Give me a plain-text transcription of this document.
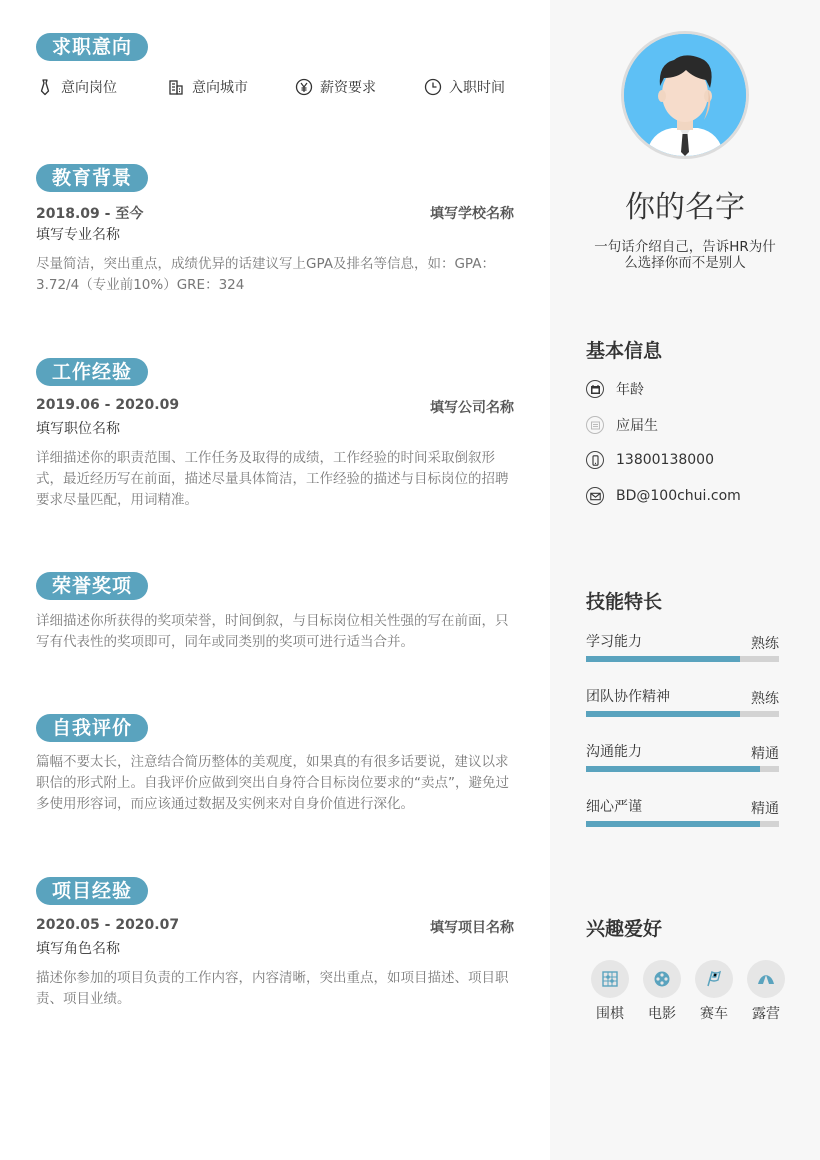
求职意向
意向岗位	意向城市	薪资要求	入职时间
教育背景
2018.09 - 至今	填写学校名称
填写专业名称

尽量简洁，突出重点，成绩优异的话建议写上GPA及排名等信息，如：GPA：3.72/4（专业前10%）GRE：324

工作经验
2019.06 - 2020.09	填写公司名称
填写职位名称

详细描述你的职责范围、工作任务及取得的成绩，工作经验的时间采取倒叙形式，最近经历写在前面，描述尽量具体简洁，工作经验的描述与目标岗位的招聘要求尽量匹配，用词精准。

荣誉奖项

详细描述你所获得的奖项荣誉，时间倒叙，与目标岗位相关性强的写在前面，只写有代表性的奖项即可，同年或同类别的奖项可进行适当合并。

自我评价

篇幅不要太长，注意结合简历整体的美观度，如果真的有很多话要说，建议以求职信的形式附上。自我评价应做到突出自身符合目标岗位要求的“卖点”，避免过多使用形容词，而应该通过数据及实例来对自身价值进行深化。

项目经验
2020.05 - 2020.07	填写项目名称
填写角色名称

描述你参加的项目负责的工作内容，内容清晰，突出重点，如项目描述、项目职责、项目业绩。

你的名字
一句话介绍自己，告诉HR为什么选择你而不是别人
基本信息
年龄
应届生
13800138000
BD@100chui.com
技能特长
学习能力	熟练
团队协作精神	熟练
沟通能力	精通
细心严谨	精通
兴趣爱好
围棋	电影	赛车	露营
